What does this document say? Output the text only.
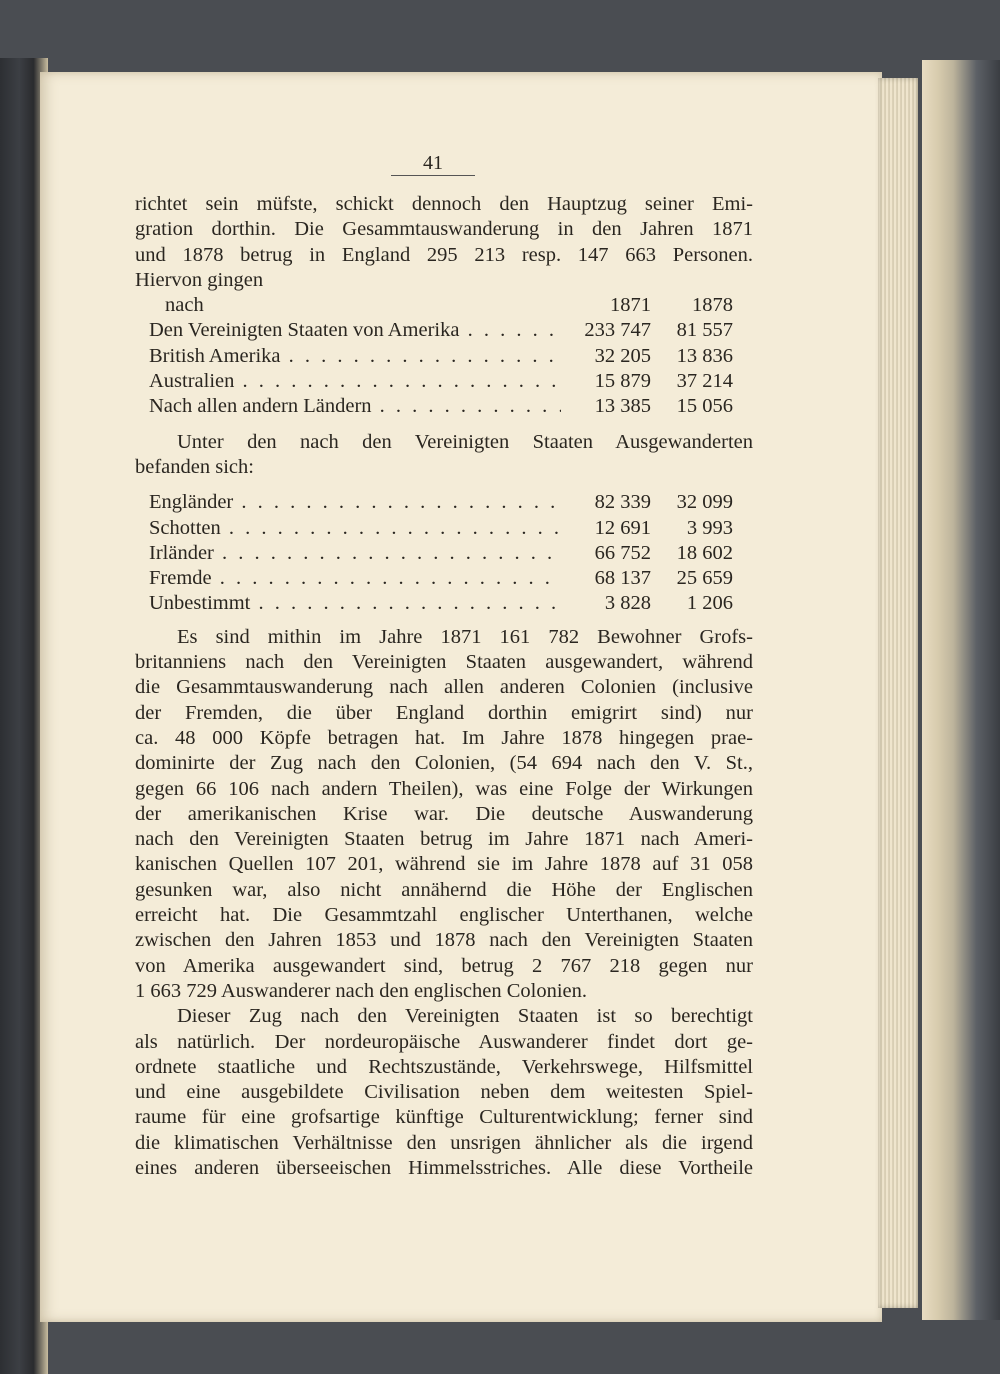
41
richtet sein müfste, schickt dennoch den Hauptzug seiner Emi-
gration dorthin. Die Gesammtauswanderung in den Jahren 1871
und 1878 betrug in England 295 213 resp. 147 663 Personen.
Hiervon gingen
nach	1871	1878
Den Vereinigten Staaten von Amerika . . .	233 747	81 557
British Amerika . . .	32 205	13 836
Australien . . .	15 879	37 214
Nach allen andern Ländern . . .	13 385	15 056
Unter den nach den Vereinigten Staaten Ausgewanderten
befanden sich:
Engländer . . .	82 339	32 099
Schotten . . .	12 691	3 993
Irländer . . .	66 752	18 602
Fremde . . .	68 137	25 659
Unbestimmt . . .	3 828	1 206
Es sind mithin im Jahre 1871 161 782 Bewohner Grofs-
britanniens nach den Vereinigten Staaten ausgewandert, während
die Gesammtauswanderung nach allen anderen Colonien (inclusive
der Fremden, die über England dorthin emigrirt sind) nur
ca. 48 000 Köpfe betragen hat. Im Jahre 1878 hingegen prae-
dominirte der Zug nach den Colonien, (54 694 nach den V. St.,
gegen 66 106 nach andern Theilen), was eine Folge der Wirkungen
der amerikanischen Krise war. Die deutsche Auswanderung
nach den Vereinigten Staaten betrug im Jahre 1871 nach Ameri-
kanischen Quellen 107 201, während sie im Jahre 1878 auf 31 058
gesunken war, also nicht annähernd die Höhe der Englischen
erreicht hat. Die Gesammtzahl englischer Unterthanen, welche
zwischen den Jahren 1853 und 1878 nach den Vereinigten Staaten
von Amerika ausgewandert sind, betrug 2 767 218 gegen nur
1 663 729 Auswanderer nach den englischen Colonien.
Dieser Zug nach den Vereinigten Staaten ist so berechtigt
als natürlich. Der nordeuropäische Auswanderer findet dort ge-
ordnete staatliche und Rechtszustände, Verkehrswege, Hilfsmittel
und eine ausgebildete Civilisation neben dem weitesten Spiel-
raume für eine grofsartige künftige Culturentwicklung; ferner sind
die klimatischen Verhältnisse den unsrigen ähnlicher als die irgend
eines anderen überseeischen Himmelsstriches. Alle diese Vortheile
